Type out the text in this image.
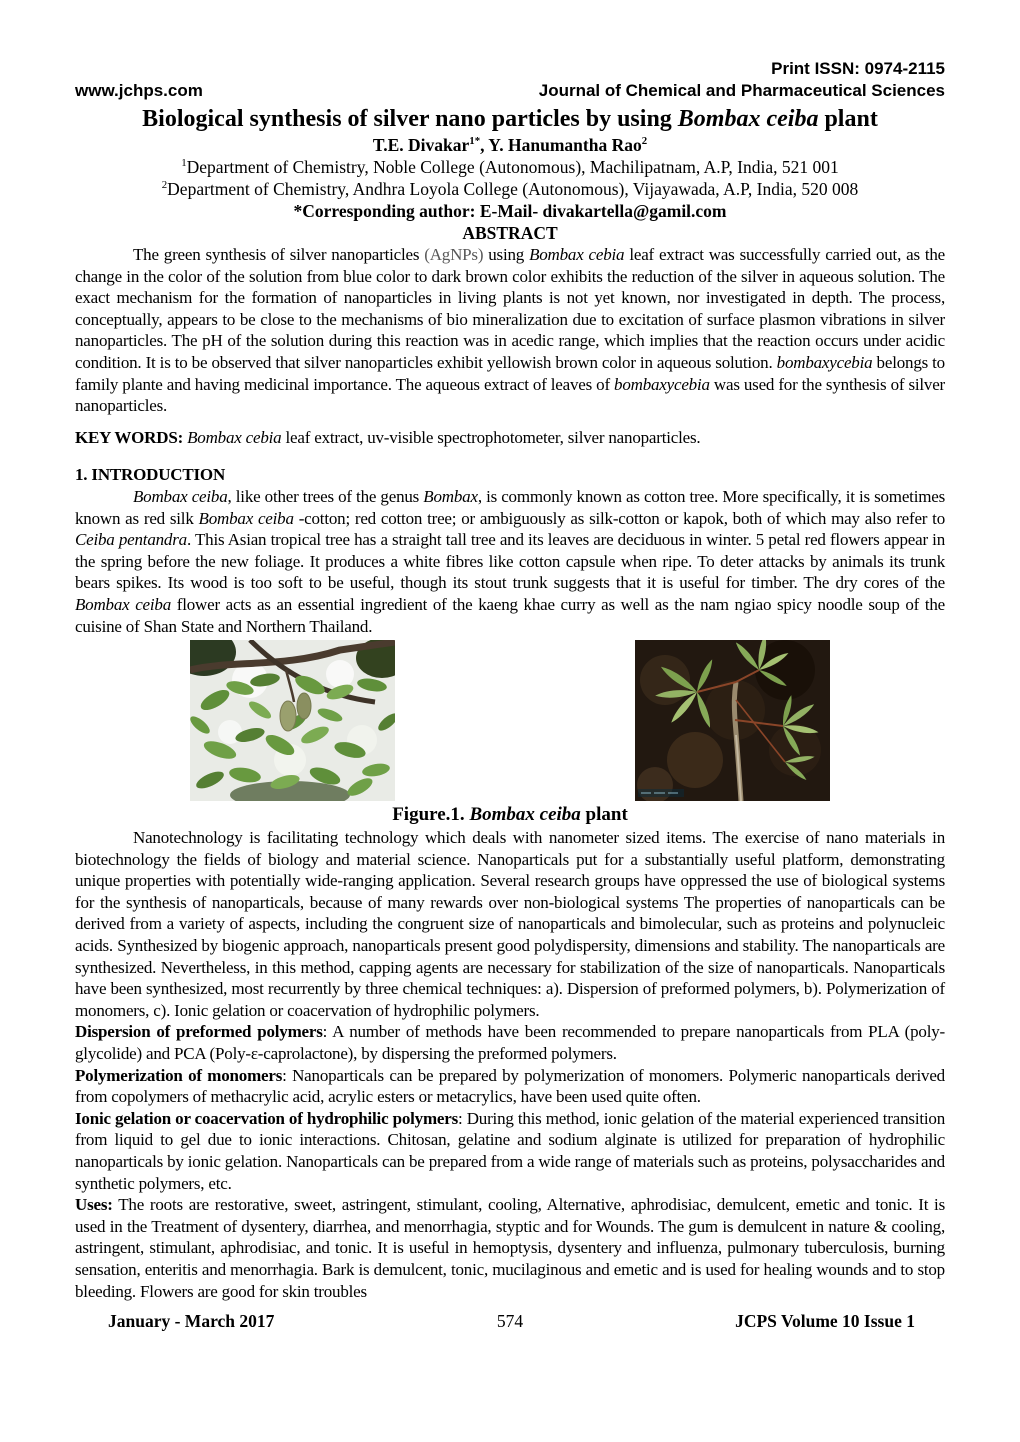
Print ISSN: 0974-2115
www.jchps.com	Journal of Chemical and Pharmaceutical Sciences
Biological synthesis of silver nano particles by using Bombax ceiba plant
T.E. Divakar$^{1*}$, Y. Hanumantha Rao$^2$
$^1$Department of Chemistry, Noble College (Autonomous), Machilipatnam, A.P, India, 521 001
$^2$Department of Chemistry, Andhra Loyola College (Autonomous), Vijayawada, A.P, India, 520 008
*Corresponding author: E-Mail- divakartella@gamil.com
ABSTRACT
The green synthesis of silver nanoparticles (AgNPs) using Bombax cebia leaf extract was successfully carried out, as the change in the color of the solution from blue color to dark brown color exhibits the reduction of the silver in aqueous solution. The exact mechanism for the formation of nanoparticles in living plants is not yet known, nor investigated in depth. The process, conceptually, appears to be close to the mechanisms of bio mineralization due to excitation of surface plasmon vibrations in silver nanoparticles. The pH of the solution during this reaction was in acedic range, which implies that the reaction occurs under acidic condition. It is to be observed that silver nanoparticles exhibit yellowish brown color in aqueous solution. bombaxycebia belongs to family plante and having medicinal importance. The aqueous extract of leaves of bombaxycebia was used for the synthesis of silver nanoparticles.
KEY WORDS: Bombax cebia leaf extract, uv-visible spectrophotometer, silver nanoparticles.
1. INTRODUCTION
Bombax ceiba, like other trees of the genus Bombax, is commonly known as cotton tree. More specifically, it is sometimes known as red silk Bombax ceiba -cotton; red cotton tree; or ambiguously as silk-cotton or kapok, both of which may also refer to Ceiba pentandra. This Asian tropical tree has a straight tall tree and its leaves are deciduous in winter. 5 petal red flowers appear in the spring before the new foliage. It produces a white fibres like cotton capsule when ripe. To deter attacks by animals its trunk bears spikes. Its wood is too soft to be useful, though its stout trunk suggests that it is useful for timber. The dry cores of the Bombax ceiba flower acts as an essential ingredient of the kaeng khae curry as well as the nam ngiao spicy noodle soup of the cuisine of Shan State and Northern Thailand.
Figure.1. Bombax ceiba plant
Nanotechnology is facilitating technology which deals with nanometer sized items. The exercise of nano materials in biotechnology the fields of biology and material science. Nanoparticals put for a substantially useful platform, demonstrating unique properties with potentially wide-ranging application. Several research groups have oppressed the use of biological systems for the synthesis of nanoparticals, because of many rewards over non-biological systems The properties of nanoparticals can be derived from a variety of aspects, including the congruent size of nanoparticals and bimolecular, such as proteins and polynucleic acids. Synthesized by biogenic approach, nanoparticals present good polydispersity, dimensions and stability. The nanoparticals are synthesized. Nevertheless, in this method, capping agents are necessary for stabilization of the size of nanoparticals. Nanoparticals have been synthesized, most recurrently by three chemical techniques: a). Dispersion of preformed polymers, b). Polymerization of monomers, c). Ionic gelation or coacervation of hydrophilic polymers.
Dispersion of preformed polymers: A number of methods have been recommended to prepare nanoparticals from PLA (poly- glycolide) and PCA (Poly-ε-caprolactone), by dispersing the preformed polymers.
Polymerization of monomers: Nanoparticals can be prepared by polymerization of monomers. Polymeric nanoparticals derived from copolymers of methacrylic acid, acrylic esters or metacrylics, have been used quite often.
Ionic gelation or coacervation of hydrophilic polymers: During this method, ionic gelation of the material experienced transition from liquid to gel due to ionic interactions. Chitosan, gelatine and sodium alginate is utilized for preparation of hydrophilic nanoparticals by ionic gelation. Nanoparticals can be prepared from a wide range of materials such as proteins, polysaccharides and synthetic polymers, etc.
Uses: The roots are restorative, sweet, astringent, stimulant, cooling, Alternative, aphrodisiac, demulcent, emetic and tonic. It is used in the Treatment of dysentery, diarrhea, and menorrhagia, styptic and for Wounds. The gum is demulcent in nature & cooling, astringent, stimulant, aphrodisiac, and tonic. It is useful in hemoptysis, dysentery and influenza, pulmonary tuberculosis, burning sensation, enteritis and menorrhagia. Bark is demulcent, tonic, mucilaginous and emetic and is used for healing wounds and to stop bleeding. Flowers are good for skin troubles
January - March 2017	574	JCPS Volume 10 Issue 1
